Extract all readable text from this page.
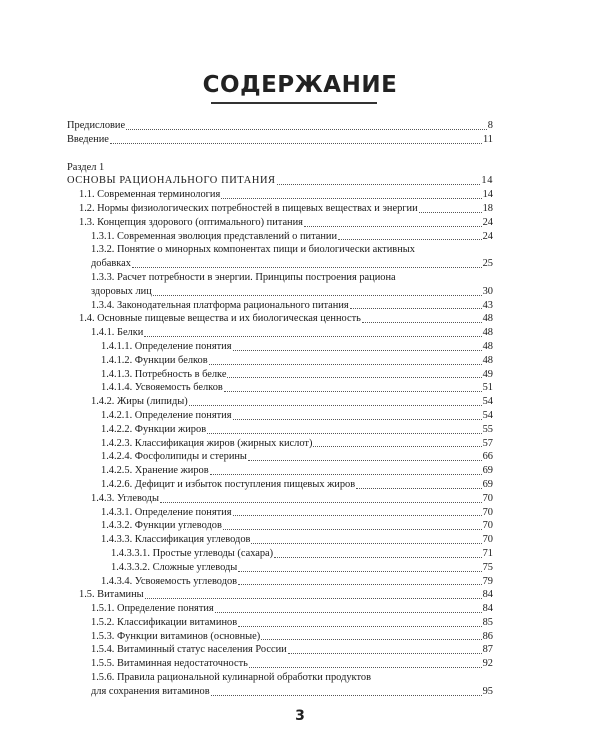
СОДЕРЖАНИЕ
Предисловие	8
Введение	11
Раздел 1
ОСНОВЫ РАЦИОНАЛЬНОГО ПИТАНИЯ	14
1.1. Современная терминология	14
1.2. Нормы физиологических потребностей в пищевых веществах и энергии	18
1.3. Концепция здорового (оптимального) питания	24
1.3.1. Современная эволюция представлений о питании	24
1.3.2. Понятие о минорных компонентах пищи и биологически активных
добавках	25
1.3.3. Расчет потребности в энергии. Принципы построения рациона
здоровых лиц	30
1.3.4. Законодательная платформа рационального питания	43
1.4. Основные пищевые вещества и их биологическая ценность	48
1.4.1. Белки	48
1.4.1.1. Определение понятия	48
1.4.1.2. Функции белков	48
1.4.1.3. Потребность в белке	49
1.4.1.4. Усвояемость белков	51
1.4.2. Жиры (липиды)	54
1.4.2.1. Определение понятия	54
1.4.2.2. Функции жиров	55
1.4.2.3. Классификация жиров (жирных кислот)	57
1.4.2.4. Фосфолипиды и стерины	66
1.4.2.5. Хранение жиров	69
1.4.2.6. Дефицит и избыток поступления пищевых жиров	69
1.4.3. Углеводы	70
1.4.3.1. Определение понятия	70
1.4.3.2. Функции углеводов	70
1.4.3.3. Классификация углеводов	70
1.4.3.3.1. Простые углеводы (сахара)	71
1.4.3.3.2. Сложные углеводы	75
1.4.3.4. Усвояемость углеводов	79
1.5. Витамины	84
1.5.1. Определение понятия	84
1.5.2. Классификации витаминов	85
1.5.3. Функции витаминов (основные)	86
1.5.4. Витаминный статус населения России	87
1.5.5. Витаминная недостаточность	92
1.5.6. Правила рациональной кулинарной обработки продуктов
для сохранения витаминов	95
3
